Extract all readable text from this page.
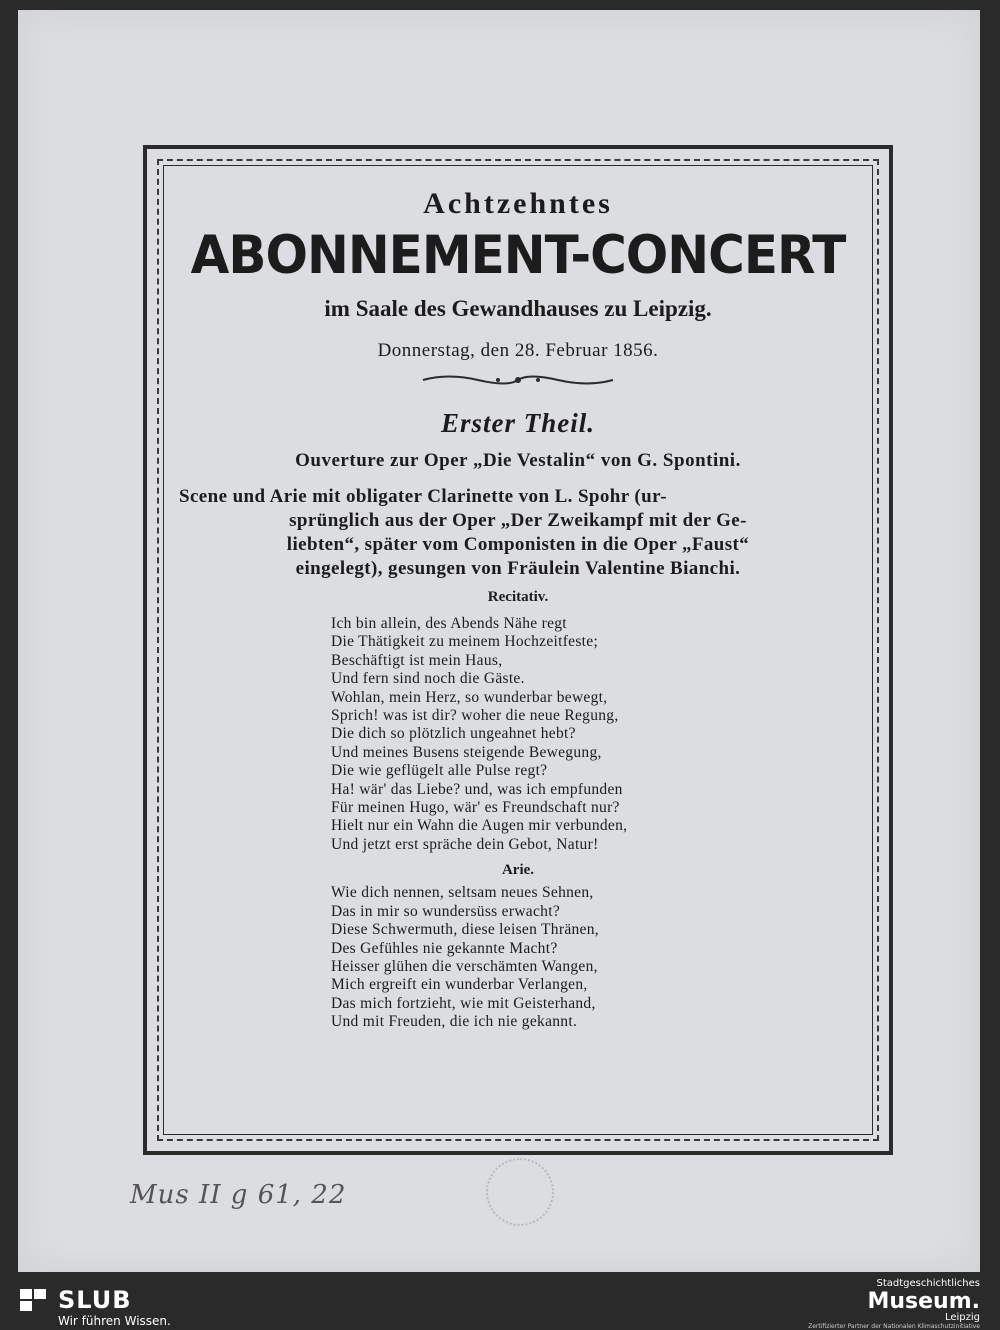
Achtzehntes

ABONNEMENT-CONCERT

im Saale des Gewandhauses zu Leipzig.

Donnerstag, den 28. Februar 1856.

Erster Theil.

Ouverture zur Oper „Die Vestalin“ von G. Spontini.

Scene und Arie mit obligater Clarinette von L. Spohr (ur-
sprünglich aus der Oper „Der Zweikampf mit der Ge-
liebten“, später vom Componisten in die Oper „Faust“
eingelegt), gesungen von Fräulein Valentine Bianchi.

Recitativ.

Ich bin allein, des Abends Nähe regt
Die Thätigkeit zu meinem Hochzeitfeste;
Beschäftigt ist mein Haus,
Und fern sind noch die Gäste.
Wohlan, mein Herz, so wunderbar bewegt,
Sprich! was ist dir? woher die neue Regung,
Die dich so plötzlich ungeahnet hebt?
Und meines Busens steigende Bewegung,
Die wie geflügelt alle Pulse regt?
Ha! wär' das Liebe? und, was ich empfunden
Für meinen Hugo, wär' es Freundschaft nur?
Hielt nur ein Wahn die Augen mir verbunden,
Und jetzt erst spräche dein Gebot, Natur!

Arie.

Wie dich nennen, seltsam neues Sehnen,
Das in mir so wundersüss erwacht?
Diese Schwermuth, diese leisen Thränen,
Des Gefühles nie gekannte Macht?
Heisser glühen die verschämten Wangen,
Mich ergreift ein wunderbar Verlangen,
Das mich fortzieht, wie mit Geisterhand,
Und mit Freuden, die ich nie gekannt.
Mus II g 61, 22
SLUB
Wir führen Wissen.
Stadtgeschichtliches
Museum.
Leipzig
Zertifizierter Partner der Nationalen Klimaschutzinitiative
